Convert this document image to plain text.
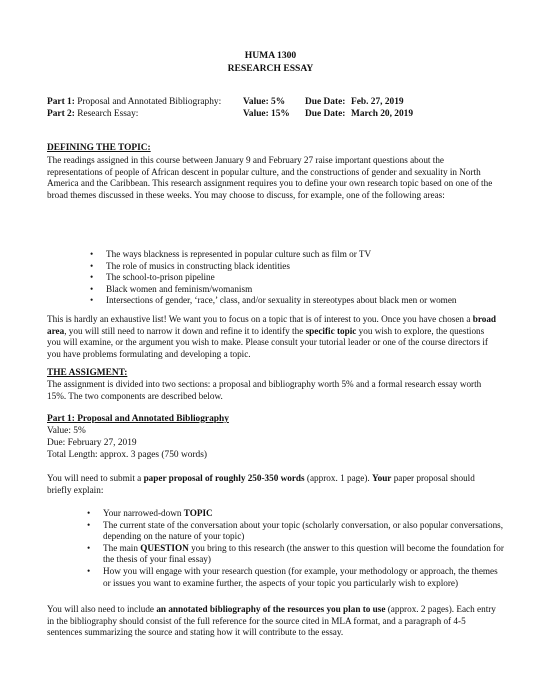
HUMA 1300
RESEARCH ESSAY
Part 1: Proposal and Annotated Bibliography: Value: 5% Due Date: Feb. 27, 2019
Part 2: Research Essay:	Value: 15% Due Date: March 20, 2019
DEFINING THE TOPIC:

The readings assigned in this course between January 9 and February 27 raise important questions about the representations of people of African descent in popular culture, and the constructions of gender and sexuality in North America and the Caribbean. This research assignment requires you to define your own research topic based on one of the broad themes discussed in these weeks. You may choose to discuss, for example, one of the following areas:

• The ways blackness is represented in popular culture such as film or TV
• The role of musics in constructing black identities
• The school-to-prison pipeline
• Black women and feminism/womanism
• Intersections of gender, ‘race,’ class, and/or sexuality in stereotypes about black men or women

This is hardly an exhaustive list! We want you to focus on a topic that is of interest to you. Once you have chosen a broad area, you will still need to narrow it down and refine it to identify the specific topic you wish to explore, the questions you will examine, or the argument you wish to make. Please consult your tutorial leader or one of the course directors if you have problems formulating and developing a topic.

THE ASSIGMENT:

The assignment is divided into two sections: a proposal and bibliography worth 5% and a formal research essay worth 15%. The two components are described below.

Part 1: Proposal and Annotated Bibliography
Value: 5%
Due: February 27, 2019
Total Length: approx. 3 pages (750 words)

You will need to submit a paper proposal of roughly 250-350 words (approx. 1 page). Your paper proposal should briefly explain:

• Your narrowed-down TOPIC
• The current state of the conversation about your topic (scholarly conversation, or also popular conversations, depending on the nature of your topic)
• The main QUESTION you bring to this research (the answer to this question will become the foundation for the thesis of your final essay)
• How you will engage with your research question (for example, your methodology or approach, the themes or issues you want to examine further, the aspects of your topic you particularly wish to explore)

You will also need to include an annotated bibliography of the resources you plan to use (approx. 2 pages). Each entry in the bibliography should consist of the full reference for the source cited in MLA format, and a paragraph of 4-5 sentences summarizing the source and stating how it will contribute to the essay.
